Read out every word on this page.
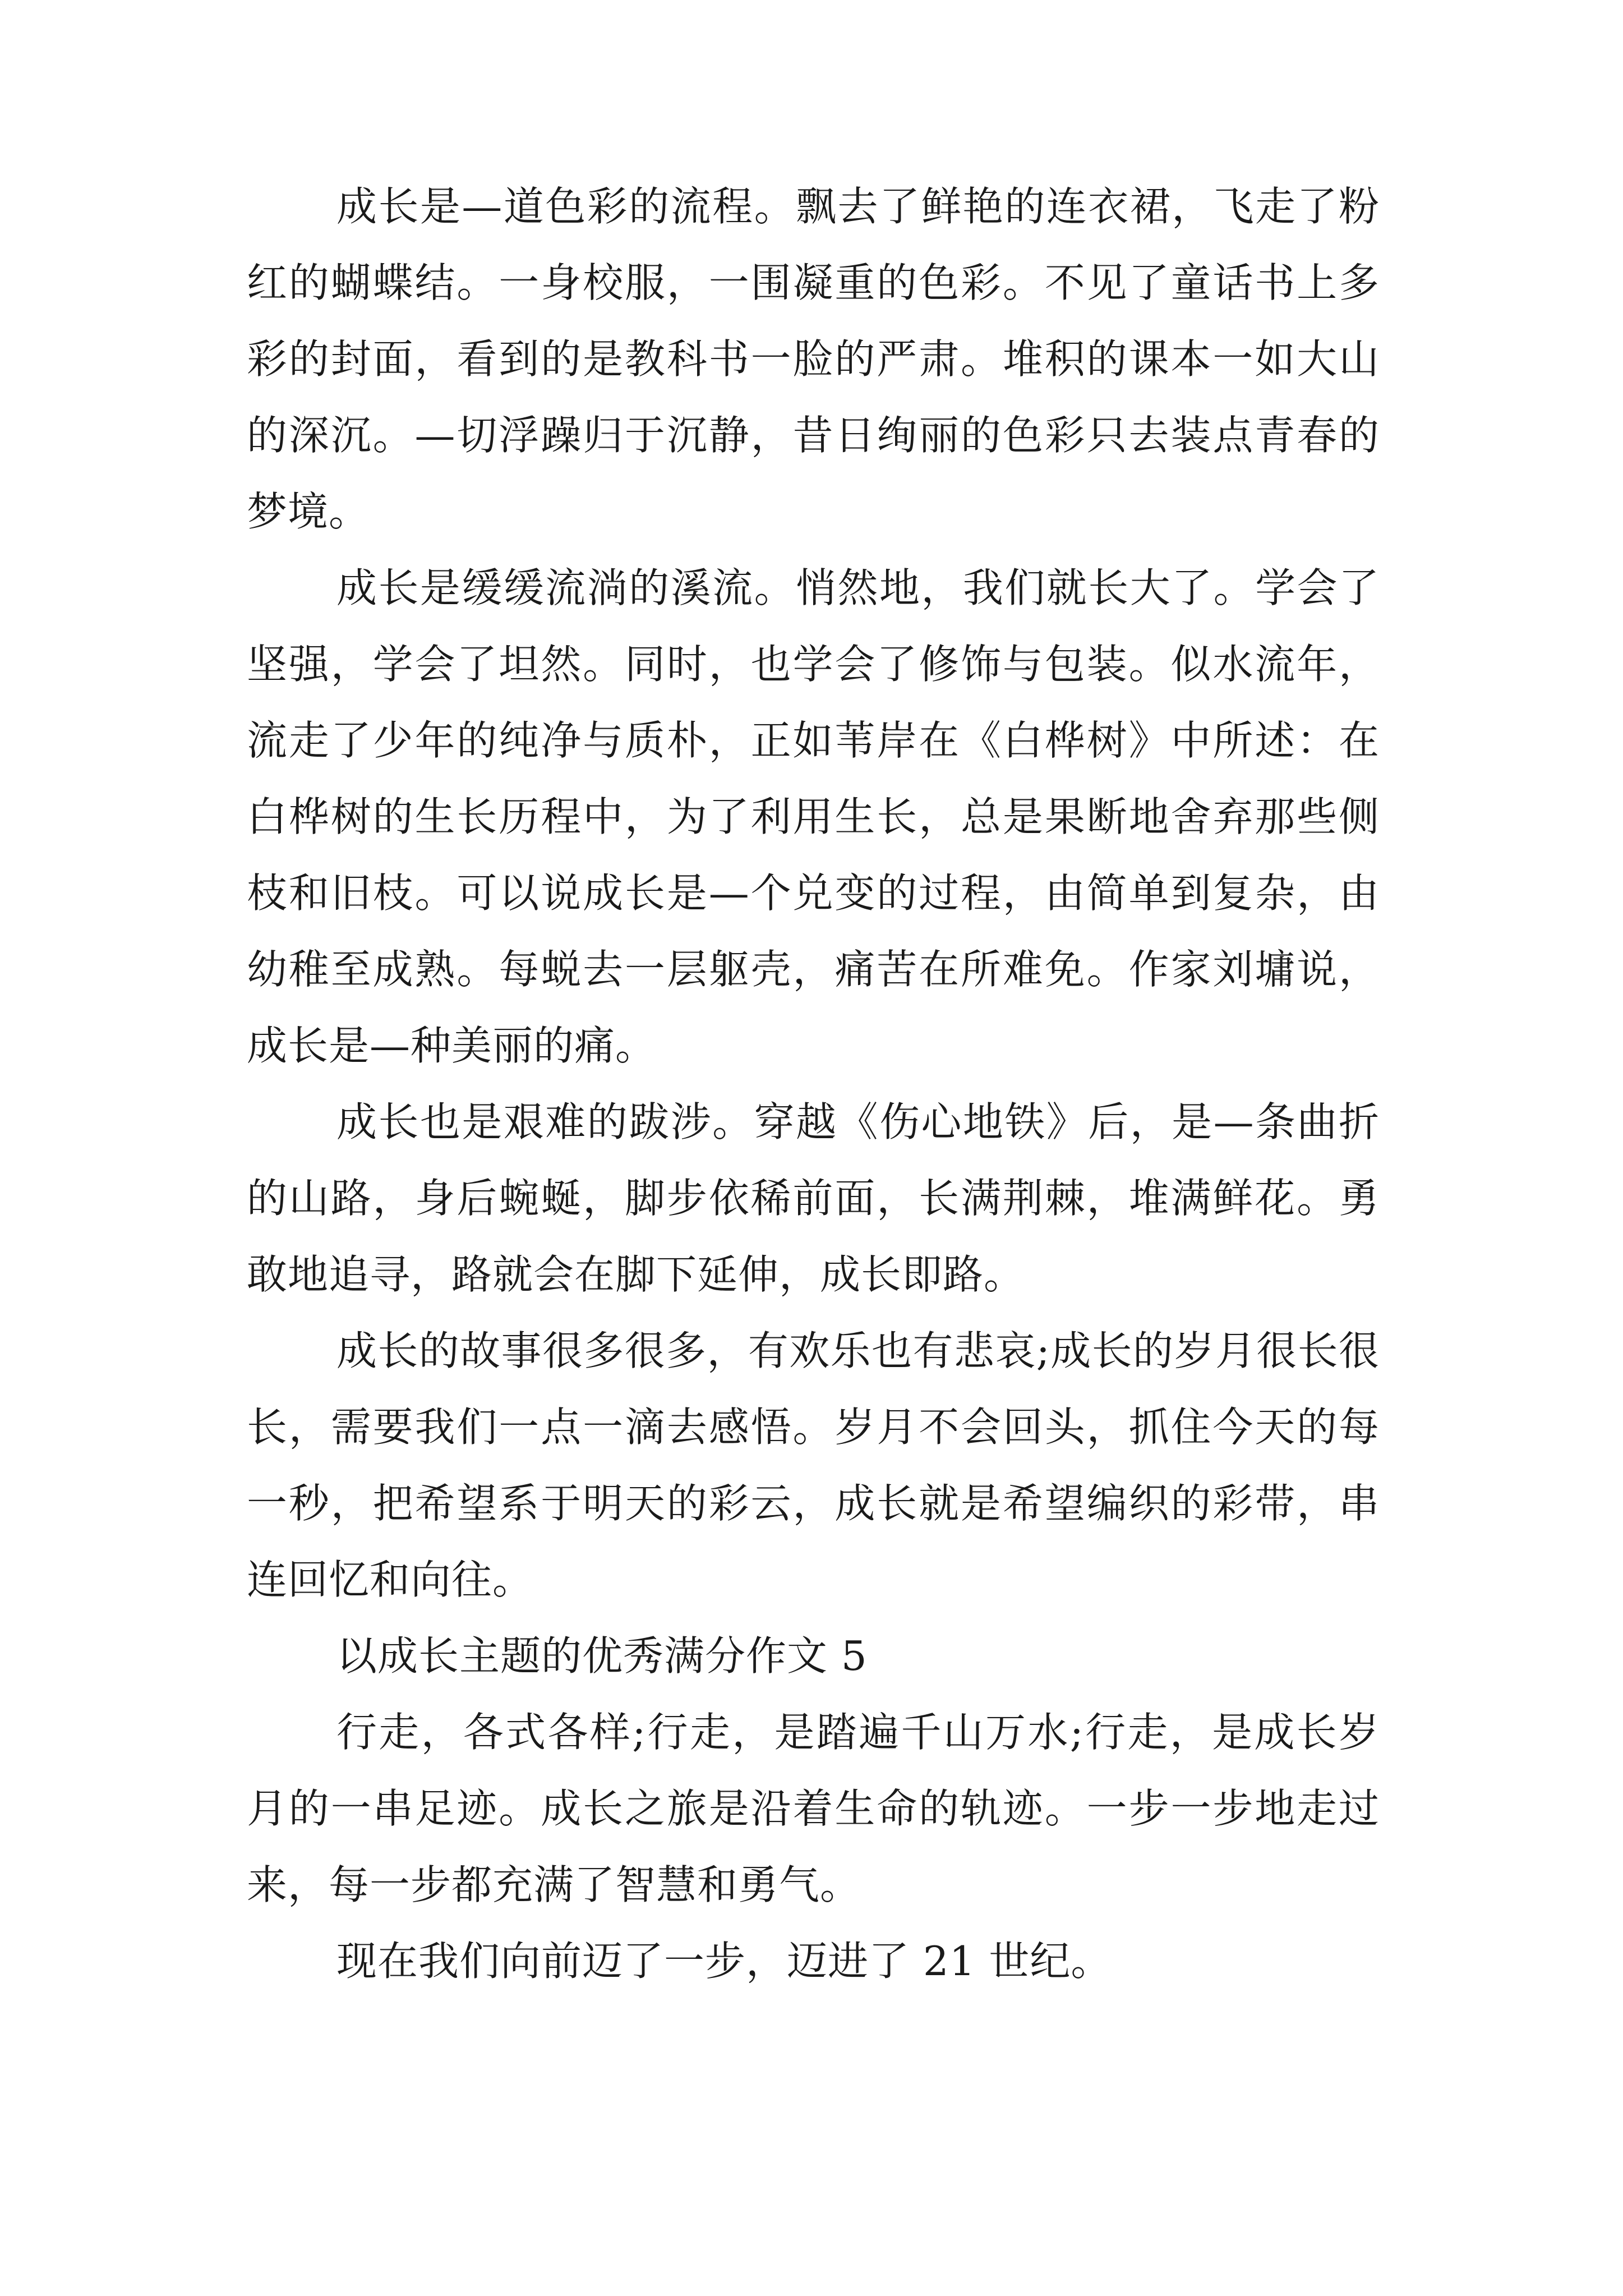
成长是—道色彩的流程。飘去了鲜艳的连衣裙，飞走了粉红的蝴蝶结。一身校服，一围凝重的色彩。不见了童话书上多彩的封面，看到的是教科书一脸的严肃。堆积的课本一如大山的深沉。—切浮躁归于沉静，昔日绚丽的色彩只去装点青春的梦境。

成长是缓缓流淌的溪流。悄然地，我们就长大了。学会了坚强，学会了坦然。同时，也学会了修饰与包装。似水流年，流走了少年的纯净与质朴，正如苇岸在《白桦树》中所述：在白桦树的生长历程中，为了利用生长，总是果断地舍弃那些侧枝和旧枝。可以说成长是—个兑变的过程，由简单到复杂，由幼稚至成熟。每蜕去一层躯壳，痛苦在所难免。作家刘墉说，成长是—种美丽的痛。

成长也是艰难的跋涉。穿越《伤心地铁》后，是—条曲折的山路，身后蜿蜒，脚步依稀前面，长满荆棘，堆满鲜花。勇敢地追寻，路就会在脚下延伸，成长即路。

成长的故事很多很多，有欢乐也有悲哀;成长的岁月很长很长，需要我们一点一滴去感悟。岁月不会回头，抓住今天的每一秒，把希望系于明天的彩云，成长就是希望编织的彩带，串连回忆和向往。

以成长主题的优秀满分作文 5

行走，各式各样;行走，是踏遍千山万水;行走，是成长岁月的一串足迹。成长之旅是沿着生命的轨迹。一步一步地走过来，每一步都充满了智慧和勇气。

现在我们向前迈了一步，迈进了 21 世纪。
